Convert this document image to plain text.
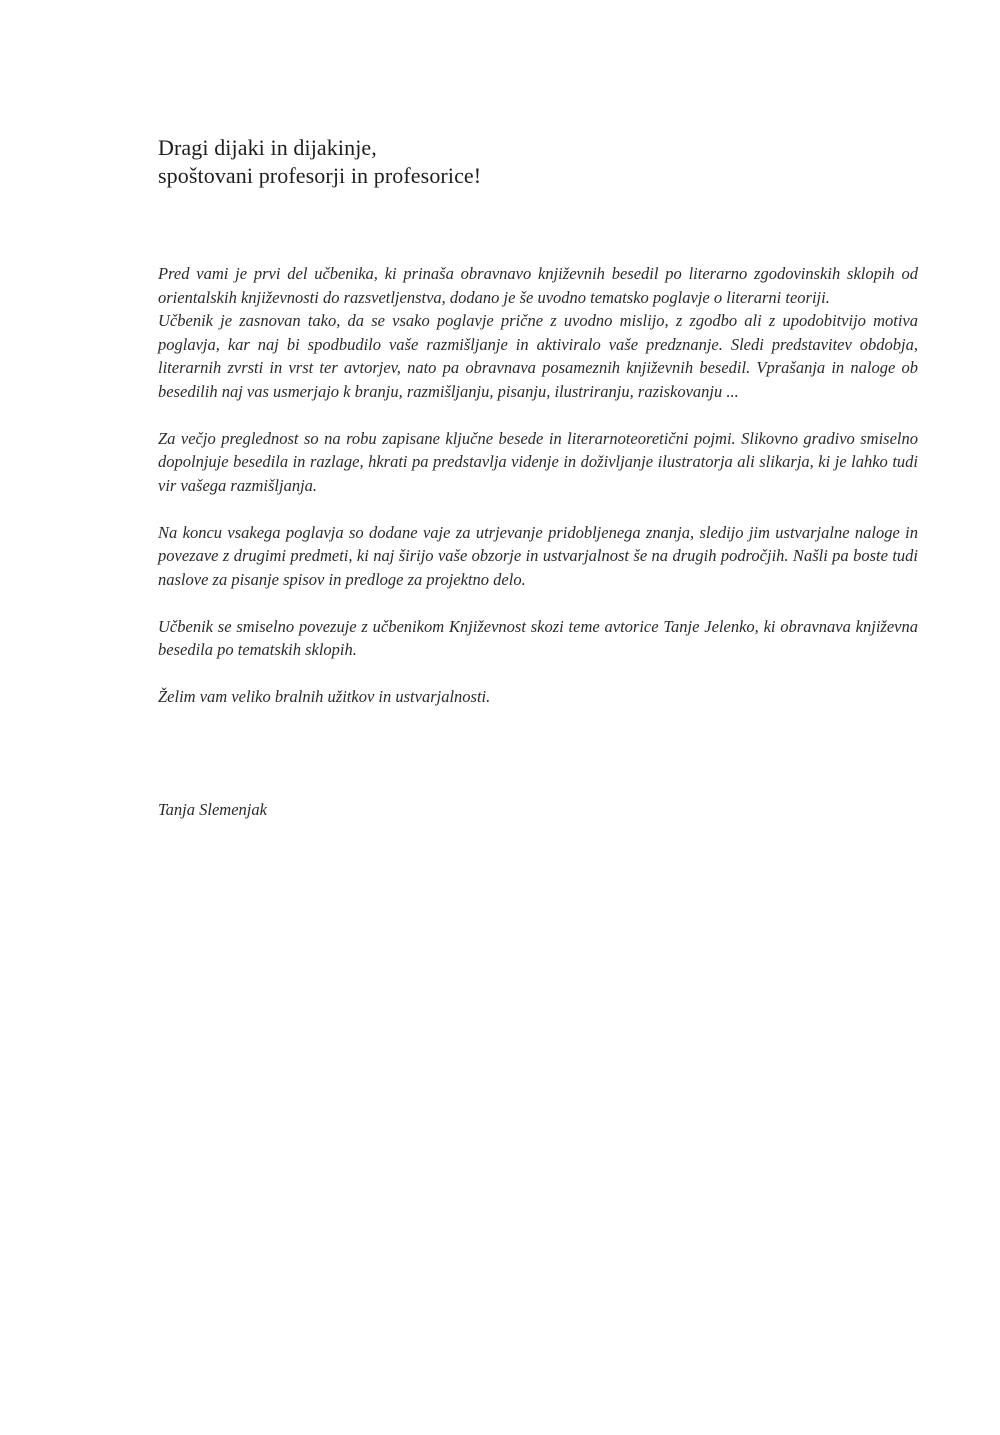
Dragi dijaki in dijakinje,
spoštovani profesorji in profesorice!

Pred vami je prvi del učbenika, ki prinaša obravnavo književnih besedil po literarno zgodovinskih sklopih od orientalskih književnosti do razsvetljenstva, dodano je še uvodno tematsko poglavje o literarni teoriji.

Učbenik je zasnovan tako, da se vsako poglavje prične z uvodno mislijo, z zgodbo ali z upodobitvijo motiva poglavja, kar naj bi spodbudilo vaše razmišljanje in aktiviralo vaše predznanje. Sledi predstavitev obdobja, literarnih zvrsti in vrst ter avtorjev, nato pa obravnava posameznih književnih besedil. Vprašanja in naloge ob besedilih naj vas usmerjajo k branju, razmišljanju, pisanju, ilustriranju, raziskovanju ...

Za večjo preglednost so na robu zapisane ključne besede in literarnoteoretični pojmi. Slikovno gradivo smiselno dopolnjuje besedila in razlage, hkrati pa predstavlja videnje in doživljanje ilustratorja ali slikarja, ki je lahko tudi vir vašega razmišljanja.

Na koncu vsakega poglavja so dodane vaje za utrjevanje pridobljenega znanja, sledijo jim ustvarjalne naloge in povezave z drugimi predmeti, ki naj širijo vaše obzorje in ustvarjalnost še na drugih področjih. Našli pa boste tudi naslove za pisanje spisov in predloge za projektno delo.

Učbenik se smiselno povezuje z učbenikom Književnost skozi teme avtorice Tanje Jelenko, ki obravnava književna besedila po tematskih sklopih.

Želim vam veliko bralnih užitkov in ustvarjalnosti.

Tanja Slemenjak
